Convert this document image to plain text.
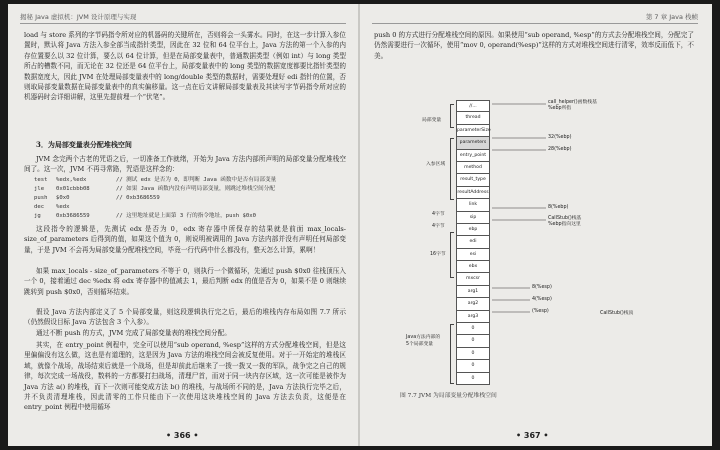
揭秘 Java 虚拟机：JVM 设计原理与实现

load 与 store 系列的字节码指令所对应的机器码的关键所在，否则将会一头雾水。同时，在这一步计算入参位置时，默认将 Java 方法入参全部当成指针类型，因此在 32 位和 64 位平台上，Java 方法的第一个入参的内存位置要么以 32 位计算，要么以 64 位计算，但是在局部变量表中，普通数据类型（例如 int）与 long 类型所占的槽数不同，而无论在 32 位还是 64 位平台上，局部变量表中的 long 类型的数据宽度都要比指针类型的数据宽度大，因此 JVM 在处理局部变量表中的 long/double 类型的数据时，需要处理好 edi 指针的位置，否则取局部变量数据在局部变量表中的真实偏移量。这一点在后文讲解局部变量表及其读写字节码指令所对应的机器码时会详细讲解，这里先提前埋一个“伏笔”。

3．为局部变量表分配堆栈空间

JVM 念完两个古老的咒语之后，一切准备工作就绪，开始为 Java 方法内部所声明的局部变量分配堆栈空间了。这一次，JVM 不再寻常路，咒语是这样念的：

test %edx,%edx	// 测试 edx 是否为 0，即判断 Java 函数中是否有局部变量
jle 0x01cbbb08	// 如果 Java 函数内没有声明局部变量，则跳过堆栈空间分配
push $0x0	// 0xb3686559
dec %edx
jg	0xb3686559	// 这里地址就是上面第 3 行的指令地址，push $0x0

这段指令的逻辑是，先测试 edx 是否为 0，edx 寄存器中所保存的结果就是前面 max_locals-size_of_parameters 后得到的值，如果这个值为 0，则说明被调用的 Java 方法内部并没有声明任何局部变量，于是 JVM 不会再为局部变量分配堆栈空间，毕竟一行代码中什么都没有，整天怎么计算，累啊！

如果 max_locals - size_of_parameters 不等于 0，则执行一个微循环，先通过 push $0x0 往栈顶压入一个 0，接着通过 dec %edx 将 edx 寄存器中的值减去 1，最后判断 edx 的值是否为 0，如果不是 0 则继续跳转到 push $0x0，否则循环结束。

假设 Java 方法内部定义了 5 个局部变量，则这段逻辑执行完之后，最后的堆栈内存布局如图 7.7 所示（仍然假设目标 Java 方法包含 3 个入参）。

通过不断 push 的方式，JVM 完成了局部变量表的堆栈空间分配。

其实，在 entry_point 例程中，完全可以使用“sub operand, %esp”这样的方式分配堆栈空间，但是这里偏偏没有这么做，这也是有道理的，这是因为 Java 方法的堆栈空间会被反复使用。对于一开始定的堆栈区域，就像个战场，战场结束后就是一个战场，但是却前此后继来了一拨一拨又一拨的军队，战争完之自己的规律，每次完成一场战役，数料的一方都要打扫战场，清理尸首，而对于同一块内存区域，这一次可能是被作为 Java 方法 a() 的堆栈，而下一次则可能变成方法 b() 的堆栈，与战场所不同的是，Java 方法执行完毕之后，并不负责清理堆栈，因此清零的工作只能由下一次使用这块堆栈空间的 Java 方法去负责，这便是在 entry_point 例程中使用循环

• 366 •
第 7 章 Java 栈帧

push 0 的方式进行分配堆栈空间的原因。如果使用“sub operand, %esp”的方式去分配堆栈空间，分配完了仍然需要进行一次循环，使用“mov 0, operand(%esp)”这样的方式对堆栈空间进行清零，效率反而低下，不美。

//...
thread
parameterSize
parameters
entry_point
method
result_type
resultAddress
link
sip
ebp
edi
esi
ebx
mxcsr
arg1
arg2
arg3
0
0
0
0
0
局部变量
入参区域
4字节
4字节
16字节
Java方法内部的
5个局部变量
call_helper()函数栈基
%ebp所指
32(%ebp)
28(%ebp)
8(%ebp)
CallStub()栈基
%ebp指向这里
8(%esp)
4(%esp)
(%esp)	CallStub()栈顶
图 7.7 JVM 为局部变量分配堆栈空间
• 367 •
